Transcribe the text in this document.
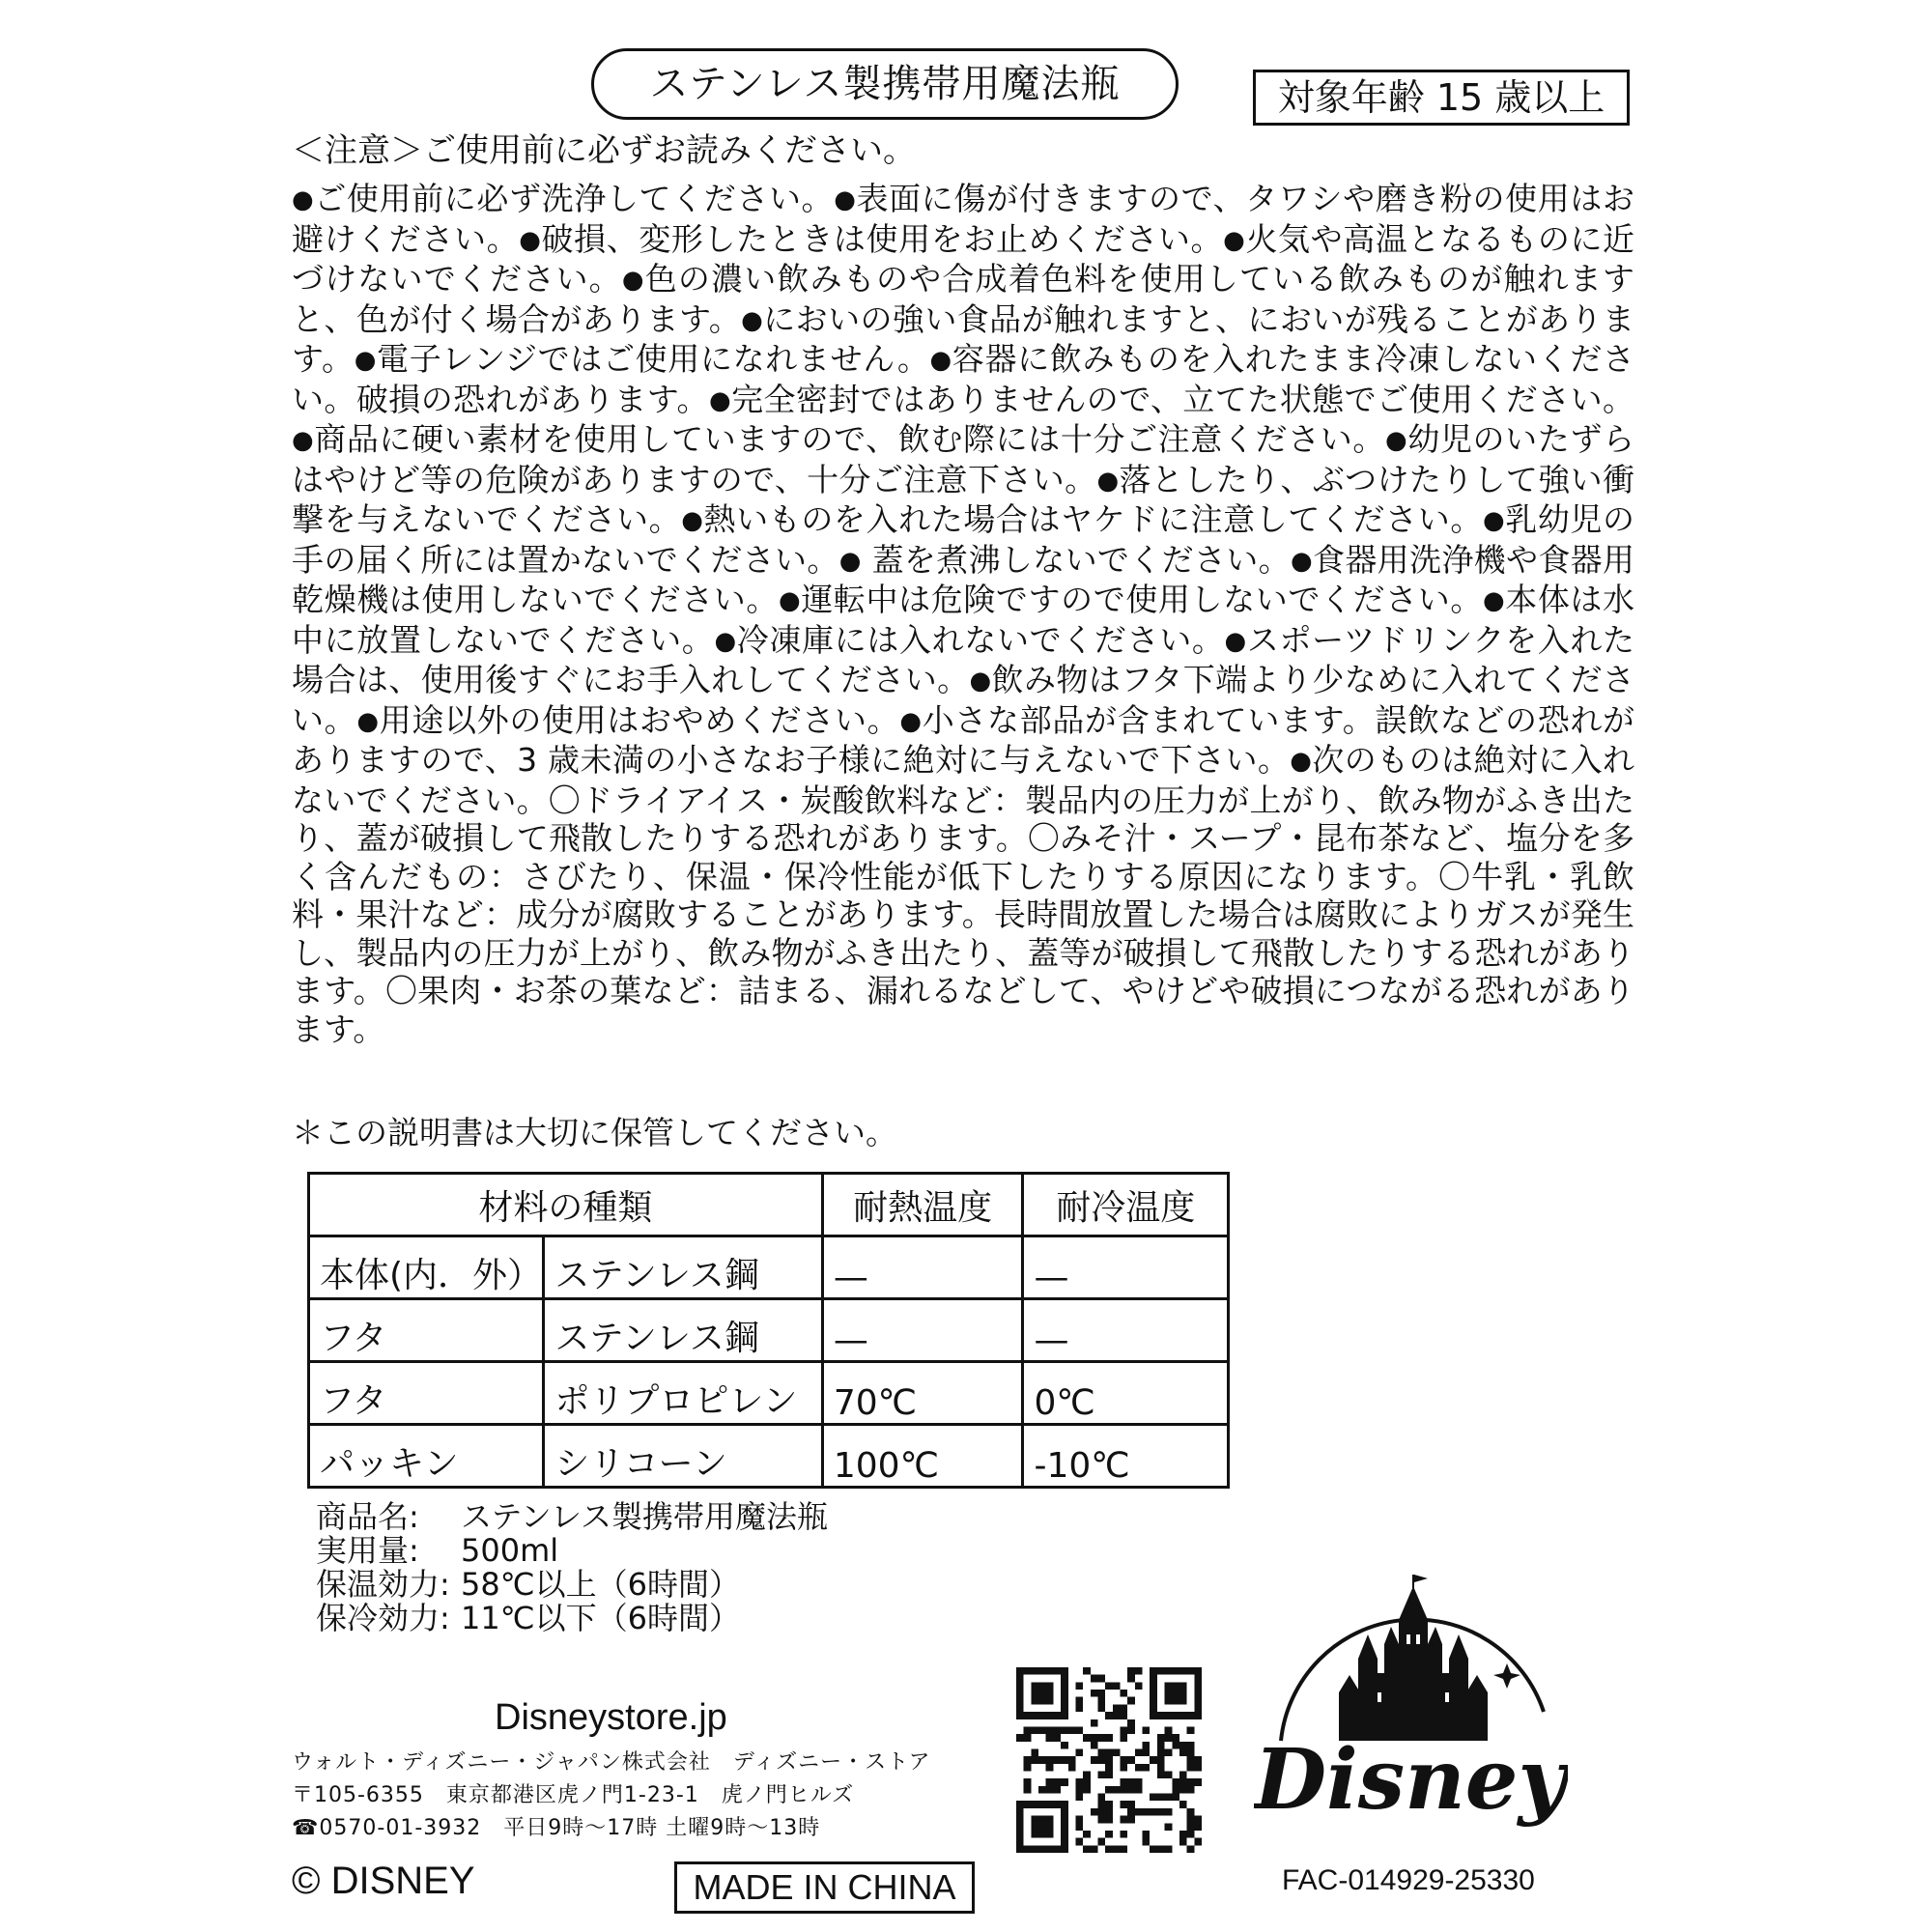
ステンレス製携帯用魔法瓶	対象年齢 15 歳以上
＜注意＞ご使用前に必ずお読みください。
●ご使用前に必ず洗浄してください。●表面に傷が付きますので、タワシや磨き粉の使用はお避けください。●破損、変形したときは使用をお止めください。●火気や高温となるものに近づけないでください。●色の濃い飲みものや合成着色料を使用している飲みものが触れますと、色が付く場合があります。●においの強い食品が触れますと、においが残ることがあります。●電子レンジではご使用になれません。●容器に飲みものを入れたまま冷凍しないください。破損の恐れがあります。●完全密封ではありませんので、立てた状態でご使用ください。●商品に硬い素材を使用していますので、飲む際には十分ご注意ください。●幼児のいたずらはやけど等の危険がありますので、十分ご注意下さい。●落としたり、ぶつけたりして強い衝撃を与えないでください。●熱いものを入れた場合はヤケドに注意してください。●乳幼児の手の届く所には置かないでください。● 蓋を煮沸しないでください。●食器用洗浄機や食器用乾燥機は使用しないでください。●運転中は危険ですので使用しないでください。●本体は水中に放置しないでください。●冷凍庫には入れないでください。●スポーツドリンクを入れた場合は、使用後すぐにお手入れしてください。●飲み物はフタ下端より少なめに入れてください。●用途以外の使用はおやめください。●小さな部品が含まれています。誤飲などの恐れがありますので、3 歳未満の小さなお子様に絶対に与えないで下さい。●次のものは絶対に入れないでください。〇ドライアイス・炭酸飲料など：製品内の圧力が上がり、飲み物がふき出たり、蓋が破損して飛散したりする恐れがあります。〇みそ汁・スープ・昆布茶など、塩分を多く含んだもの：さびたり、保温・保冷性能が低下したりする原因になります。〇牛乳・乳飲料・果汁など：成分が腐敗することがあります。長時間放置した場合は腐敗によりガスが発生し、製品内の圧力が上がり、飲み物がふき出たり、蓋等が破損して飛散したりする恐れがあります。〇果肉・お茶の葉など：詰まる、漏れるなどして、やけどや破損につながる恐れがあります。
＊この説明書は大切に保管してください。
材料の種類		耐熱温度	耐冷温度
本体(内．外）	ステンレス鋼	—	—
フタ	ステンレス鋼	—	—
フタ	ポリプロピレン	70℃	0℃
パッキン	シリコーン	100℃	-10℃
商品名:	ステンレス製携帯用魔法瓶
実用量:	500ml
保温効力: 58℃以上（6時間）
保冷効力: 11℃以下（6時間）
Disneystore.jp
ウォルト・ディズニー・ジャパン株式会社　ディズニー・ストア
〒105-6355　東京都港区虎ノ門1-23-1　虎ノ門ヒルズ
☎0570-01-3932　平日9時～17時 土曜9時～13時
© DISNEY	MADE IN CHINA
Disney
FAC-014929-25330
